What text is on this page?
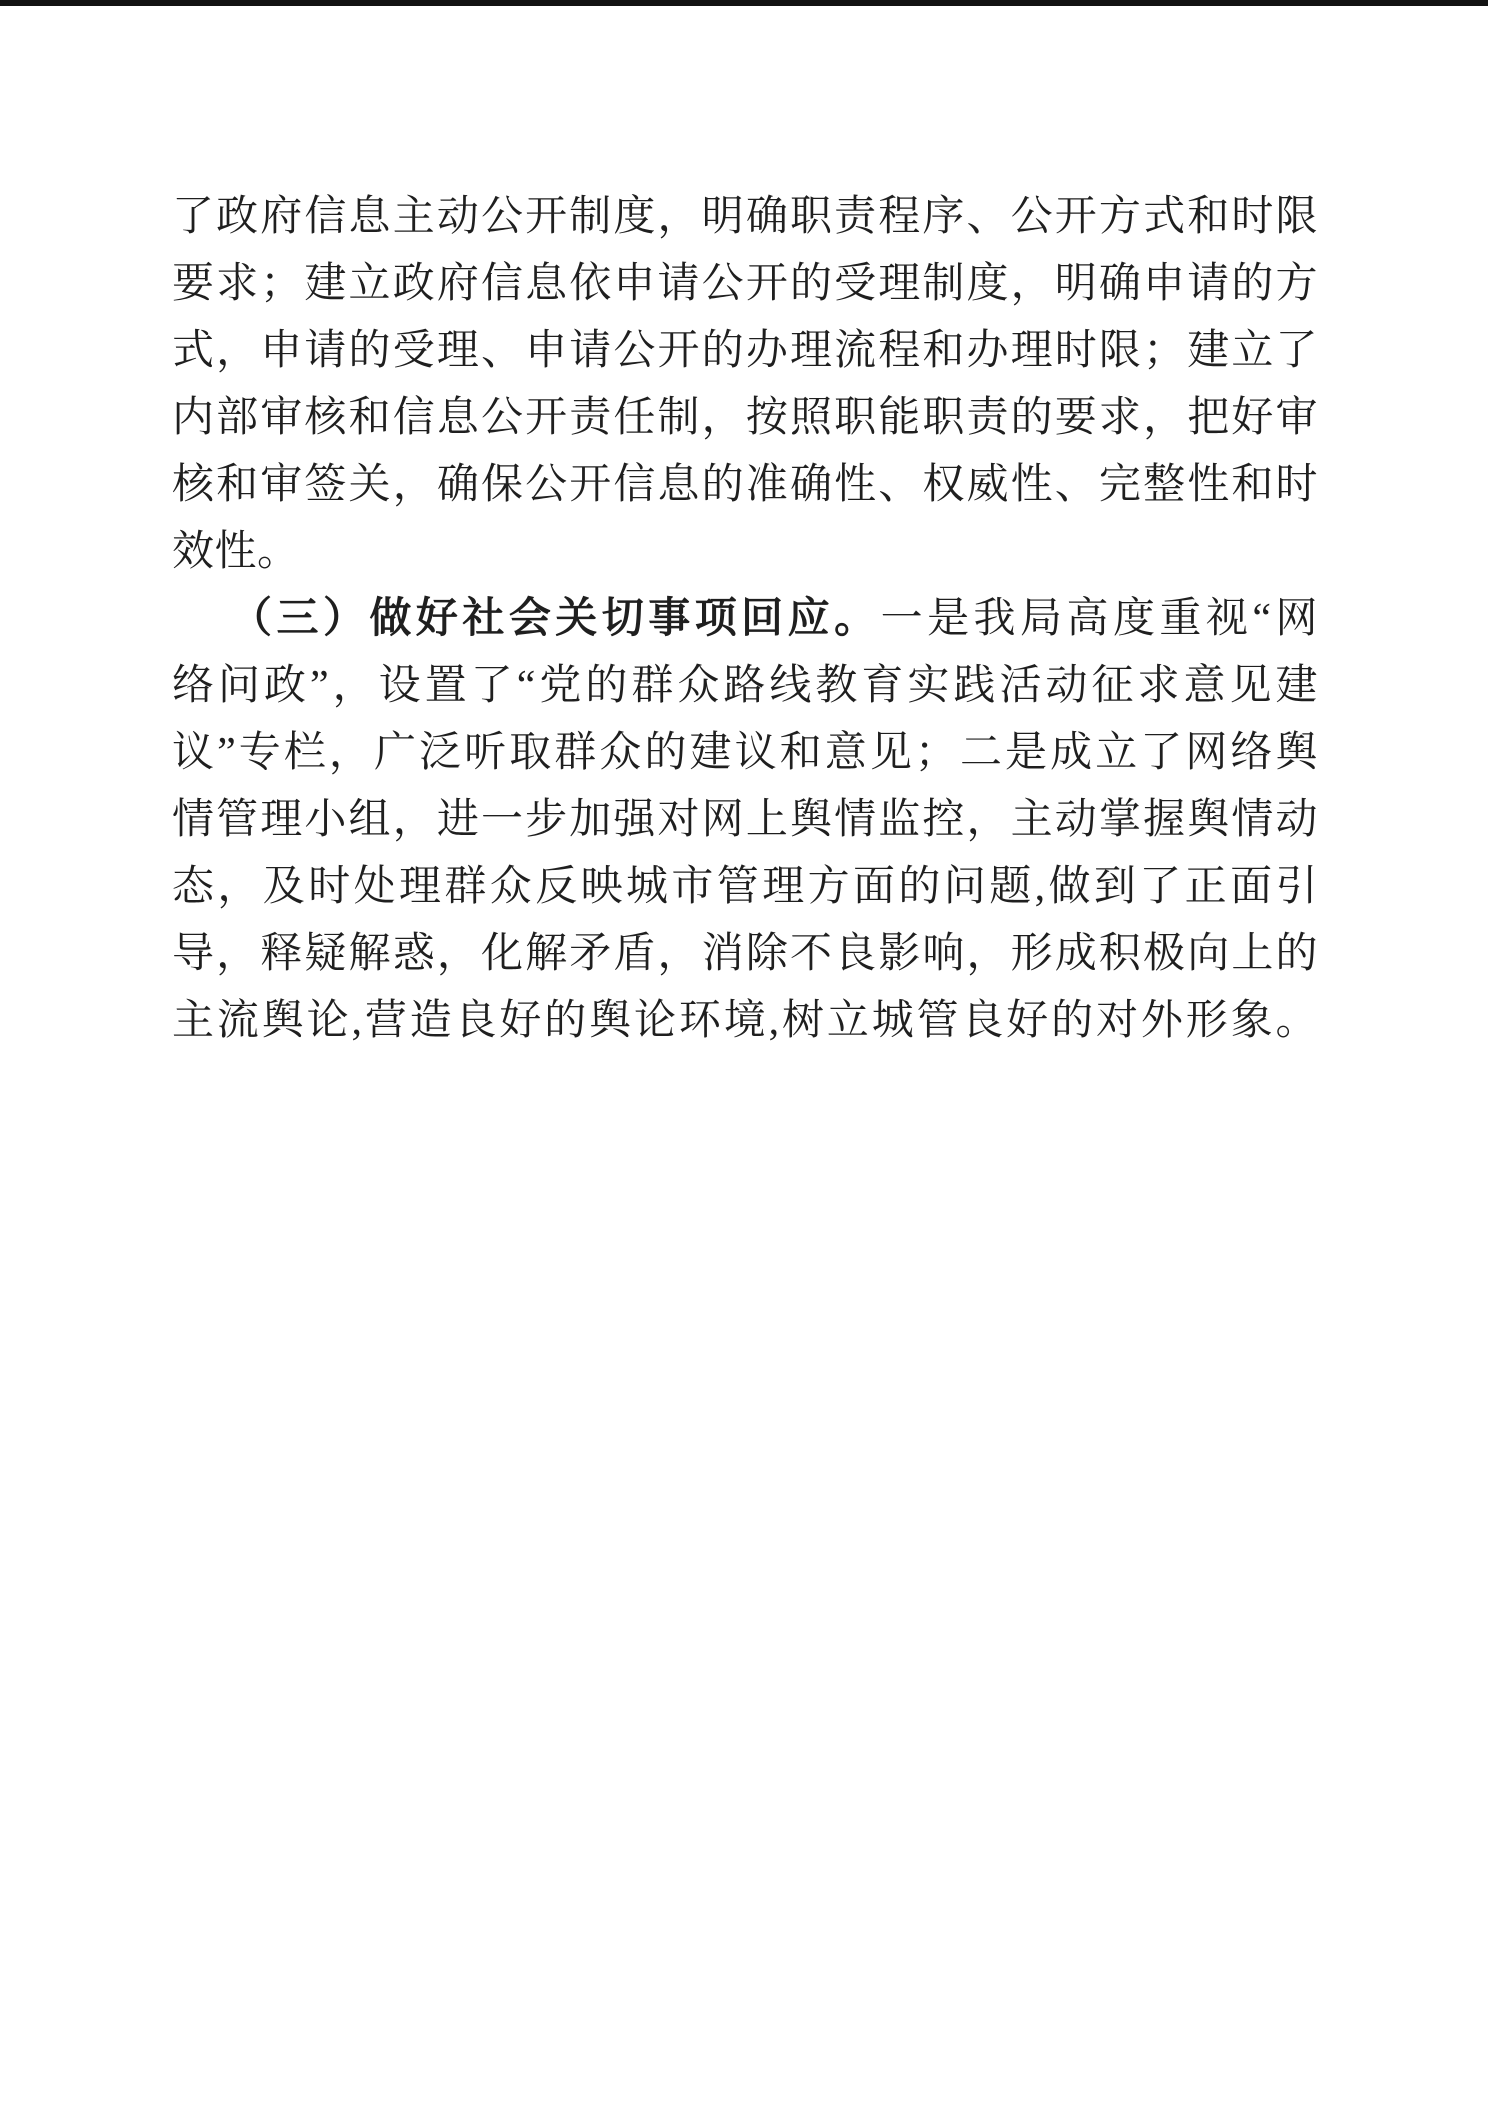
了政府信息主动公开制度，明确职责程序、公开方式和时限
要求；建立政府信息依申请公开的受理制度，明确申请的方
式，申请的受理、申请公开的办理流程和办理时限；建立了
内部审核和信息公开责任制，按照职能职责的要求，把好审
核和审签关，确保公开信息的准确性、权威性、完整性和时
效性。
（三）做好社会关切事项回应。一是我局高度重视“网
络问政”，设置了“党的群众路线教育实践活动征求意见建
议”专栏，广泛听取群众的建议和意见；二是成立了网络舆
情管理小组，进一步加强对网上舆情监控，主动掌握舆情动
态，及时处理群众反映城市管理方面的问题,做到了正面引
导，释疑解惑，化解矛盾，消除不良影响，形成积极向上的
主流舆论,营造良好的舆论环境,树立城管良好的对外形象。
